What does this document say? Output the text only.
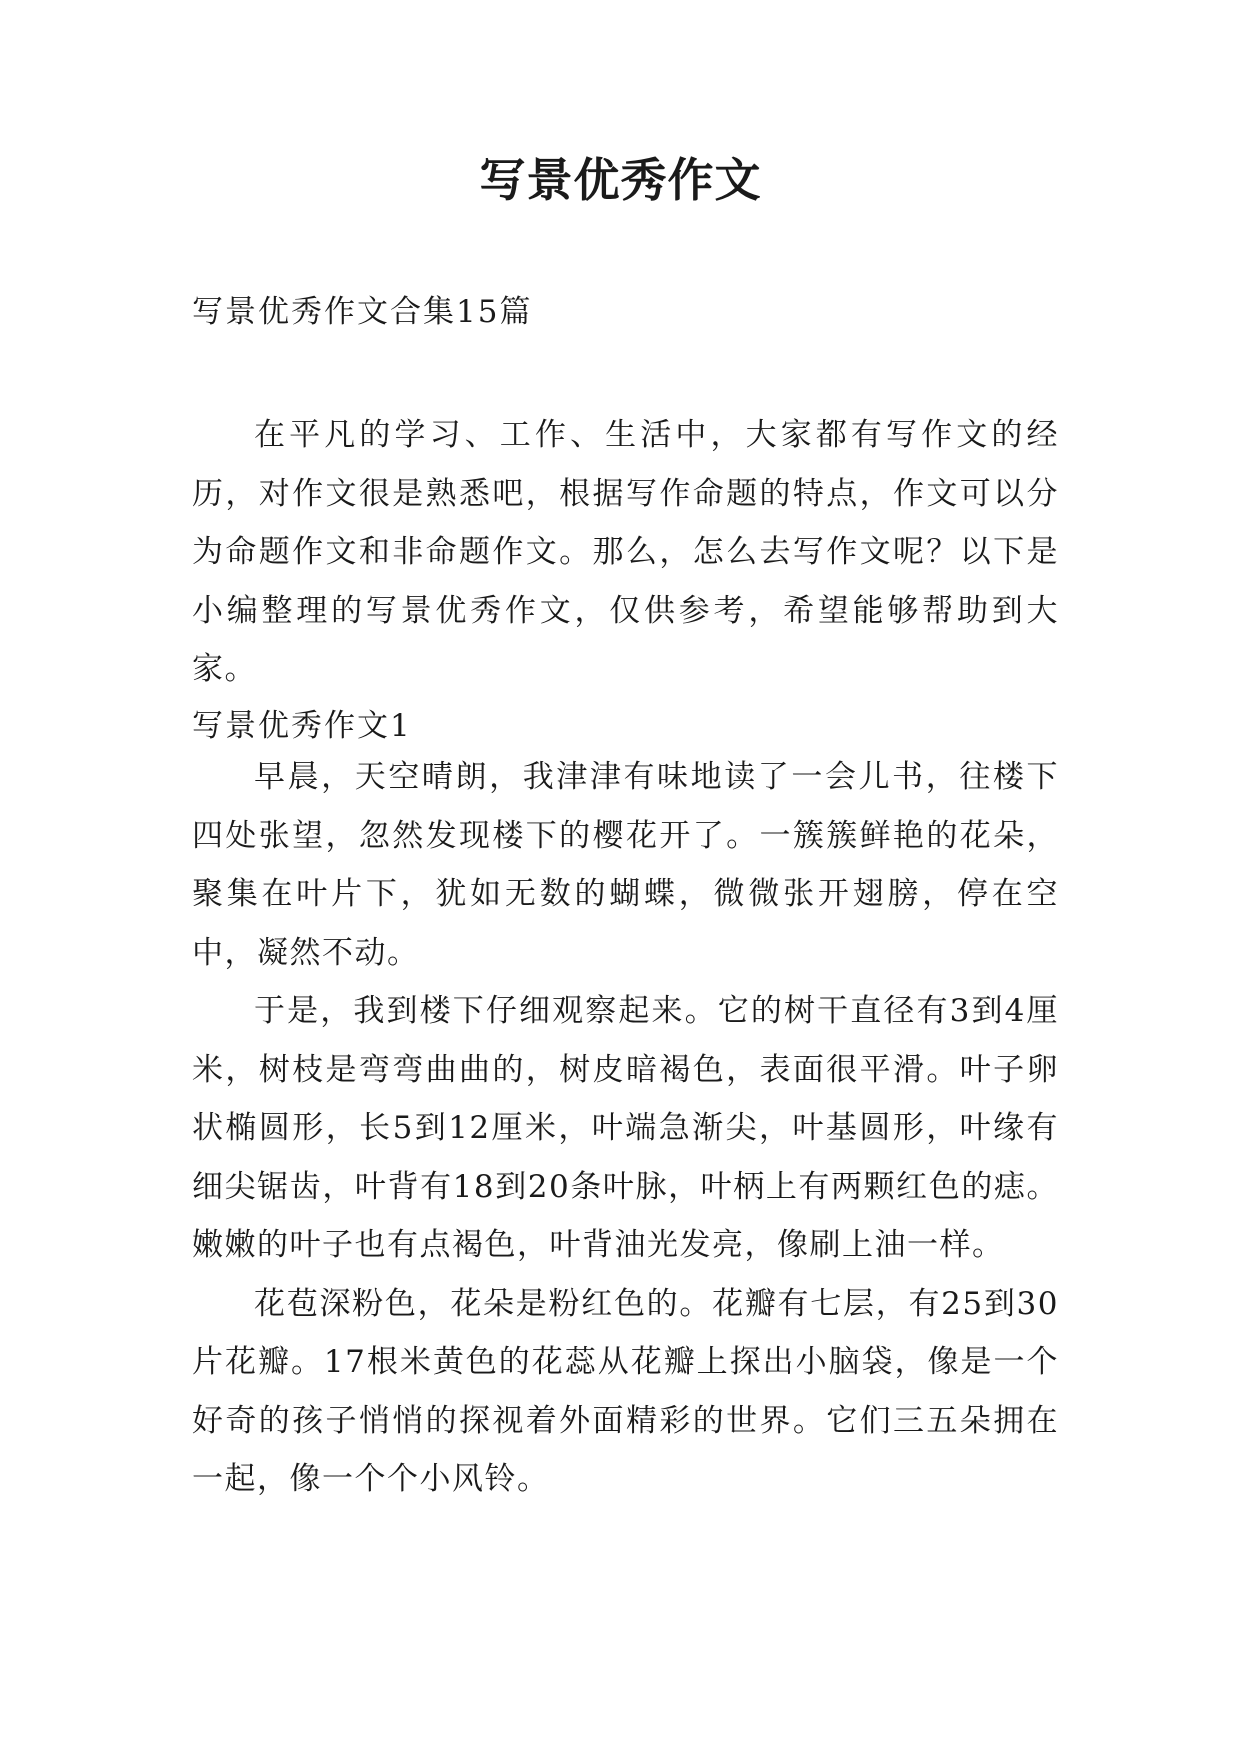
写景优秀作文
写景优秀作文合集15篇

在平凡的学习、工作、生活中，大家都有写作文的经历，对作文很是熟悉吧，根据写作命题的特点，作文可以分为命题作文和非命题作文。那么，怎么去写作文呢？以下是小编整理的写景优秀作文，仅供参考，希望能够帮助到大家。

写景优秀作文1

早晨，天空晴朗，我津津有味地读了一会儿书，往楼下四处张望，忽然发现楼下的樱花开了。一簇簇鲜艳的花朵，聚集在叶片下，犹如无数的蝴蝶，微微张开翅膀，停在空中，凝然不动。

于是，我到楼下仔细观察起来。它的树干直径有3到4厘米，树枝是弯弯曲曲的，树皮暗褐色，表面很平滑。叶子卵状椭圆形，长5到12厘米，叶端急渐尖，叶基圆形，叶缘有细尖锯齿，叶背有18到20条叶脉，叶柄上有两颗红色的痣。嫩嫩的叶子也有点褐色，叶背油光发亮，像刷上油一样。

花苞深粉色，花朵是粉红色的。花瓣有七层，有25到30片花瓣。17根米黄色的花蕊从花瓣上探出小脑袋，像是一个好奇的孩子悄悄的探视着外面精彩的世界。它们三五朵拥在一起，像一个个小风铃。
